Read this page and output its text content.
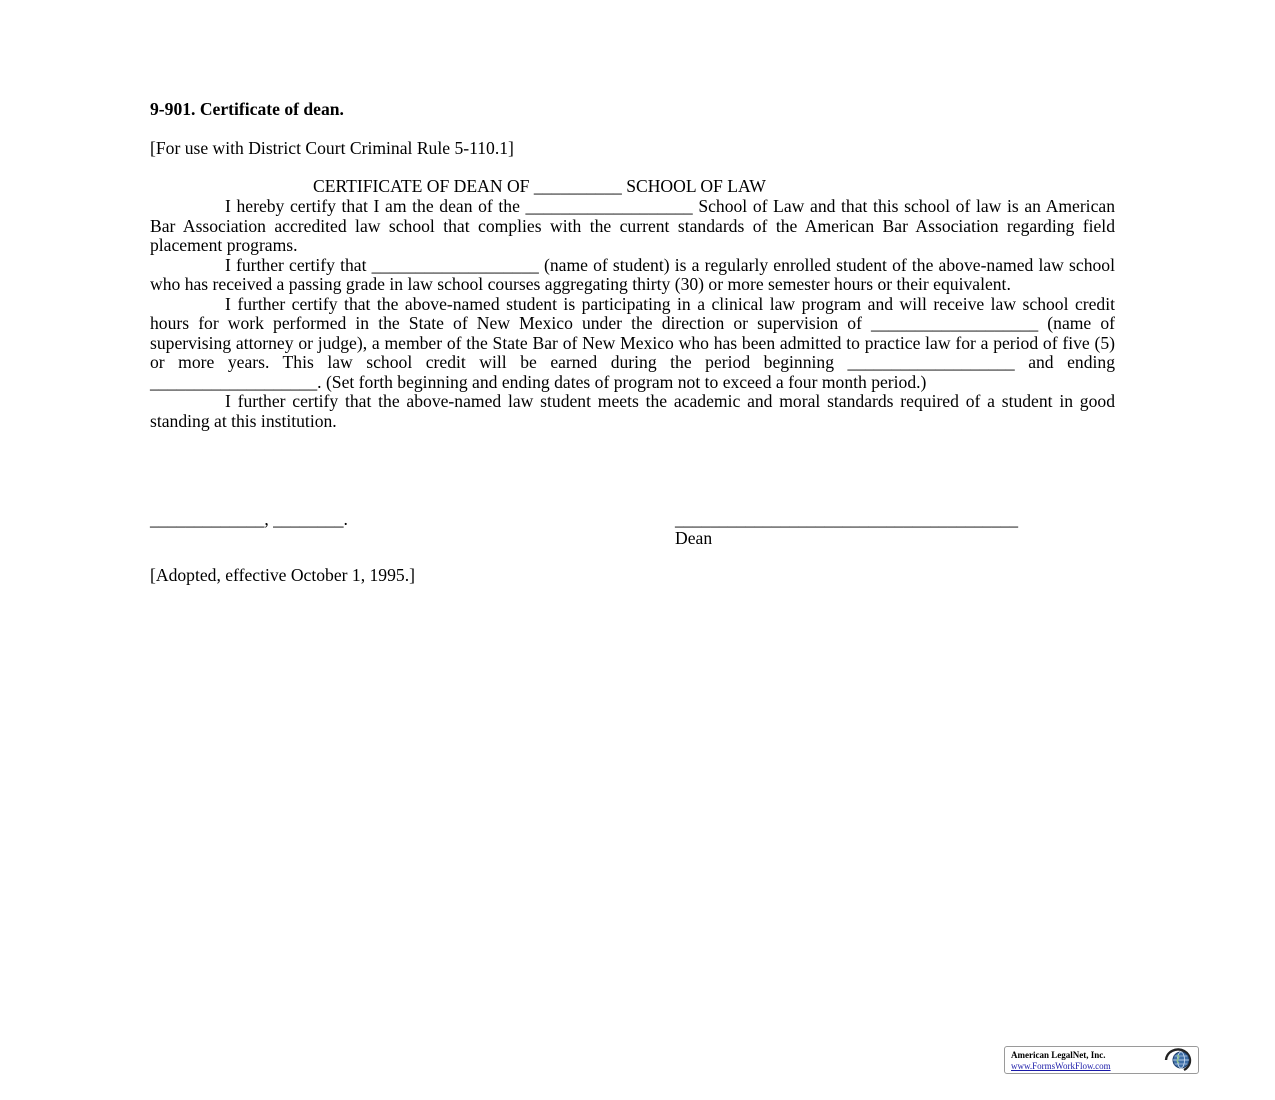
9-901. Certificate of dean.
[For use with District Court Criminal Rule 5-110.1]
CERTIFICATE OF DEAN OF __________ SCHOOL OF LAW

I hereby certify that I am the dean of the ___________________ School of Law and that this school of law is an American Bar Association accredited law school that complies with the current standards of the American Bar Association regarding field placement programs.

I further certify that ___________________ (name of student) is a regularly enrolled student of the above-named law school who has received a passing grade in law school courses aggregating thirty (30) or more semester hours or their equivalent.

I further certify that the above-named student is participating in a clinical law program and will receive law school credit hours for work performed in the State of New Mexico under the direction or supervision of ___________________ (name of supervising attorney or judge), a member of the State Bar of New Mexico who has been admitted to practice law for a period of five (5) or more years. This law school credit will be earned during the period beginning ___________________ and ending ___________________. (Set forth beginning and ending dates of program not to exceed a four month period.)

I further certify that the above-named law student meets the academic and moral standards required of a student in good standing at this institution.

_____________, ________.	_______________________________________
Dean
[Adopted, effective October 1, 1995.]
American LegalNet, Inc.
www.FormsWorkFlow.com
